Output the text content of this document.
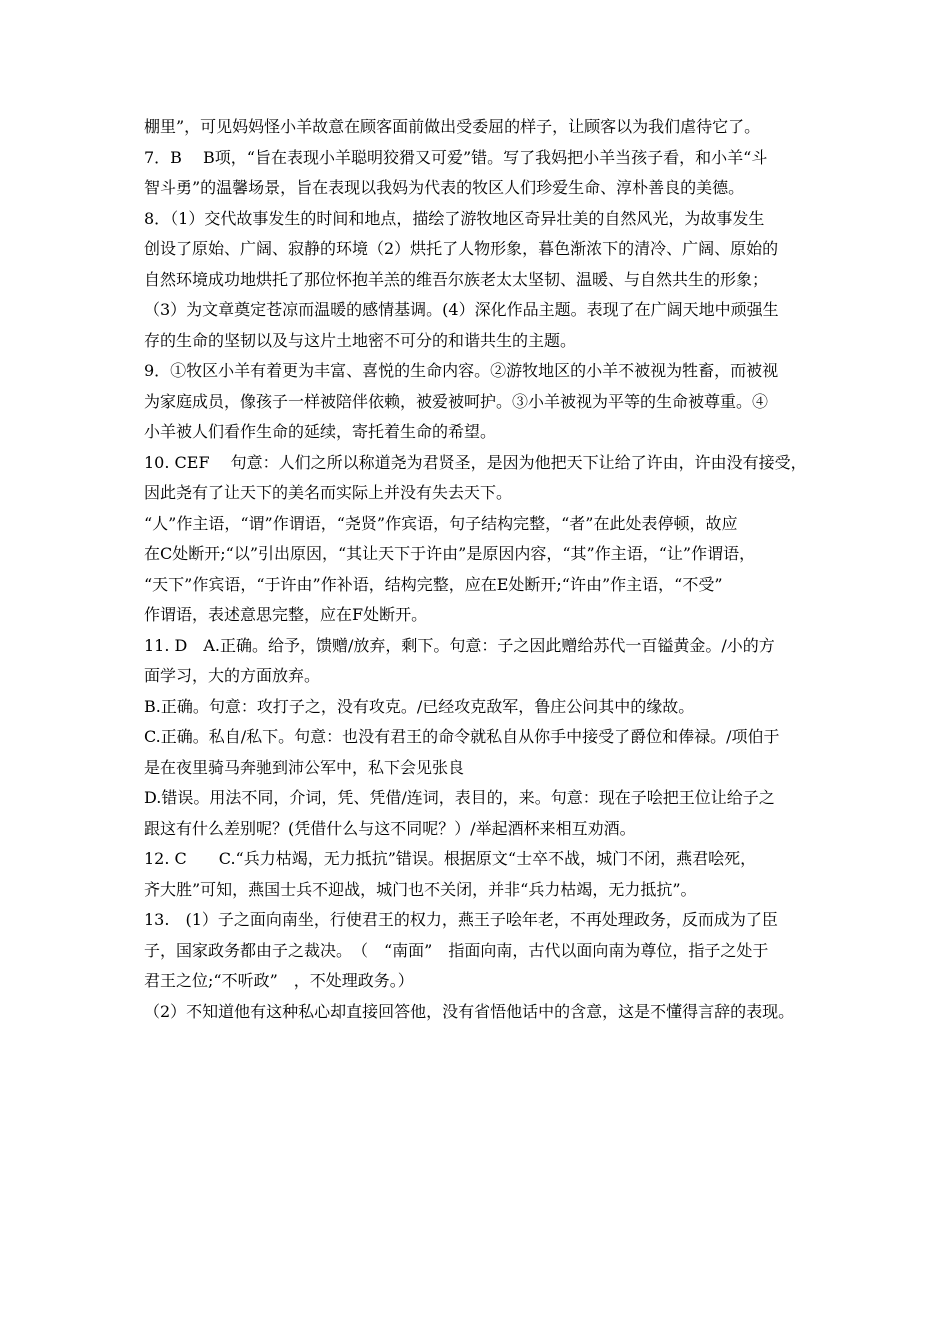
棚里”，可见妈妈怪小羊故意在顾客面前做出受委屈的样子，让顾客以为我们虐待它了。

7．B　 B项，“旨在表现小羊聪明狡猾又可爱”错。写了我妈把小羊当孩子看，和小羊“斗
智斗勇”的温馨场景，旨在表现以我妈为代表的牧区人们珍爱生命、淳朴善良的美德。

8．（1）交代故事发生的时间和地点，描绘了游牧地区奇异壮美的自然风光，为故事发生
创设了原始、广阔、寂静的环境（2）烘托了人物形象，暮色渐浓下的清冷、广阔、原始的
自然环境成功地烘托了那位怀抱羊羔的维吾尔族老太太坚韧、温暖、与自然共生的形象；
（3）为文章奠定苍凉而温暖的感情基调。(4）深化作品主题。表现了在广阔天地中顽强生
存的生命的坚韧以及与这片土地密不可分的和谐共生的主题。

9．①牧区小羊有着更为丰富、喜悦的生命内容。②游牧地区的小羊不被视为牲畜，而被视
为家庭成员，像孩子一样被陪伴依赖，被爱被呵护。③小羊被视为平等的生命被尊重。④
小羊被人们看作生命的延续，寄托着生命的希望。

10. CEF　 句意：人们之所以称道尧为君贤圣，是因为他把天下让给了许由，许由没有接受，
因此尧有了让天下的美名而实际上并没有失去天下。

“人”作主语，“谓”作谓语，“尧贤”作宾语，句子结构完整，“者”在此处表停顿，故应
在C处断开;“以”引出原因，“其让天下于许由”是原因内容，“其”作主语，“让”作谓语，
“天下”作宾语，“于许由”作补语，结构完整，应在E处断开;“许由”作主语，“不受”
作谓语，表述意思完整，应在F处断开。

11. D　A.正确。给予，馈赠/放弃，剩下。句意：子之因此赠给苏代一百镒黄金。/小的方
面学习，大的方面放弃。

B.正确。句意：攻打子之，没有攻克。/已经攻克敌军，鲁庄公问其中的缘故。

C.正确。私自/私下。句意：也没有君王的命令就私自从你手中接受了爵位和俸禄。/项伯于
是在夜里骑马奔驰到沛公军中，私下会见张良

D.错误。用法不同，介词，凭、凭借/连词，表目的，来。句意：现在子哙把王位让给子之
跟这有什么差别呢？(凭借什么与这不同呢？）/举起酒杯来相互劝酒。

12. C　　C.“兵力枯竭，无力抵抗”错误。根据原文“士卒不战，城门不闭，燕君哙死，
齐大胜”可知，燕国士兵不迎战，城门也不关闭，并非“兵力枯竭，无力抵抗”。

13.　(1）子之面向南坐，行使君王的权力，燕王子哙年老，不再处理政务，反而成为了臣
子，国家政务都由子之裁决。　（　“南面”　指面向南，古代以面向南为尊位，指子之处于
君王之位;“不听政”　，不处理政务。）

（2）不知道他有这种私心却直接回答他，没有省悟他话中的含意，这是不懂得言辞的表现。
